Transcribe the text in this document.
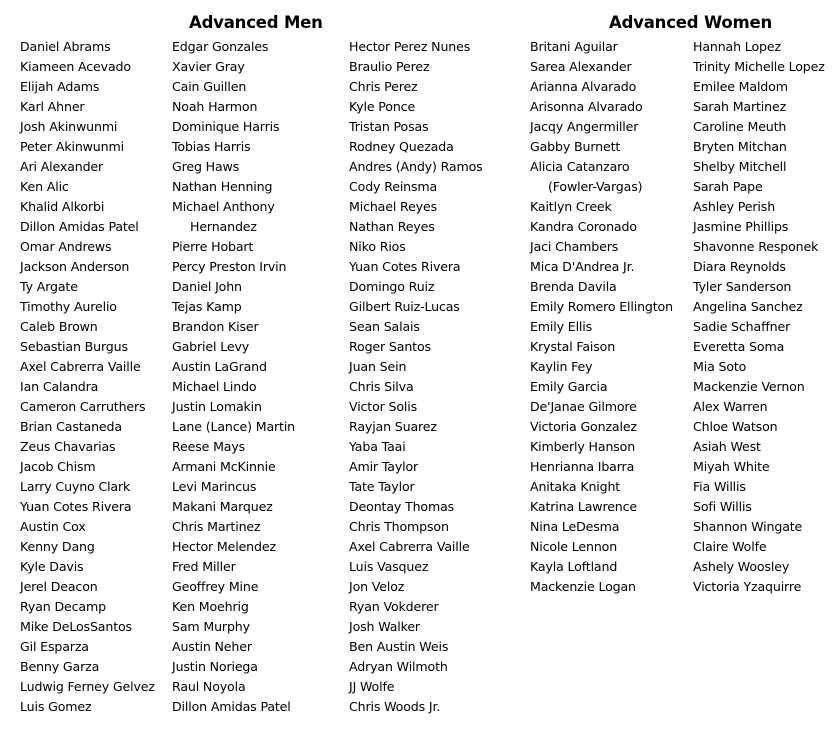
Advanced Men	Advanced Women
Daniel Abrams
Kiameen Acevado
Elijah Adams
Karl Ahner
Josh Akinwunmi
Peter Akinwunmi
Ari Alexander
Ken Alic
Khalid Alkorbi
Dillon Amidas Patel
Omar Andrews
Jackson Anderson
Ty Argate
Timothy Aurelio
Caleb Brown
Sebastian Burgus
Axel Cabrerra Vaille
Ian Calandra
Cameron Carruthers
Brian Castaneda
Zeus Chavarias
Jacob Chism
Larry Cuyno Clark
Yuan Cotes Rivera
Austin Cox
Kenny Dang
Kyle Davis
Jerel Deacon
Ryan Decamp
Mike DeLosSantos
Gil Esparza
Benny Garza
Ludwig Ferney Gelvez
Luis Gomez
Edgar Gonzales
Xavier Gray
Cain Guillen
Noah Harmon
Dominique Harris
Tobias Harris
Greg Haws
Nathan Henning
Michael Anthony
Hernandez
Pierre Hobart
Percy Preston Irvin
Daniel John
Tejas Kamp
Brandon Kiser
Gabriel Levy
Austin LaGrand
Michael Lindo
Justin Lomakin
Lane (Lance) Martin
Reese Mays
Armani McKinnie
Levi Marincus
Makani Marquez
Chris Martinez
Hector Melendez
Fred Miller
Geoffrey Mine
Ken Moehrig
Sam Murphy
Austin Neher
Justin Noriega
Raul Noyola
Dillon Amidas Patel
Hector Perez Nunes
Braulio Perez
Chris Perez
Kyle Ponce
Tristan Posas
Rodney Quezada
Andres (Andy) Ramos
Cody Reinsma
Michael Reyes
Nathan Reyes
Niko Rios
Yuan Cotes Rivera
Domingo Ruiz
Gilbert Ruiz-Lucas
Sean Salais
Roger Santos
Juan Sein
Chris Silva
Victor Solis
Rayjan Suarez
Yaba Taai
Amir Taylor
Tate Taylor
Deontay Thomas
Chris Thompson
Axel Cabrerra Vaille
Luis Vasquez
Jon Veloz
Ryan Vokderer
Josh Walker
Ben Austin Weis
Adryan Wilmoth
JJ Wolfe
Chris Woods Jr.
Britani Aguilar
Sarea Alexander
Arianna Alvarado
Arisonna Alvarado
Jacqy Angermiller
Gabby Burnett
Alicia Catanzaro
(Fowler-Vargas)
Kaitlyn Creek
Kandra Coronado
Jaci Chambers
Mica D'Andrea Jr.
Brenda Davila
Emily Romero Ellington
Emily Ellis
Krystal Faison
Kaylin Fey
Emily Garcia
De'Janae Gilmore
Victoria Gonzalez
Kimberly Hanson
Henrianna Ibarra
Anitaka Knight
Katrina Lawrence
Nina LeDesma
Nicole Lennon
Kayla Loftland
Mackenzie Logan
Hannah Lopez
Trinity Michelle Lopez
Emilee Maldom
Sarah Martinez
Caroline Meuth
Bryten Mitchan
Shelby Mitchell
Sarah Pape
Ashley Perish
Jasmine Phillips
Shavonne Responek
Diara Reynolds
Tyler Sanderson
Angelina Sanchez
Sadie Schaffner
Everetta Soma
Mia Soto
Mackenzie Vernon
Alex Warren
Chloe Watson
Asiah West
Miyah White
Fia Willis
Sofi Willis
Shannon Wingate
Claire Wolfe
Ashely Woosley
Victoria Yzaquirre
